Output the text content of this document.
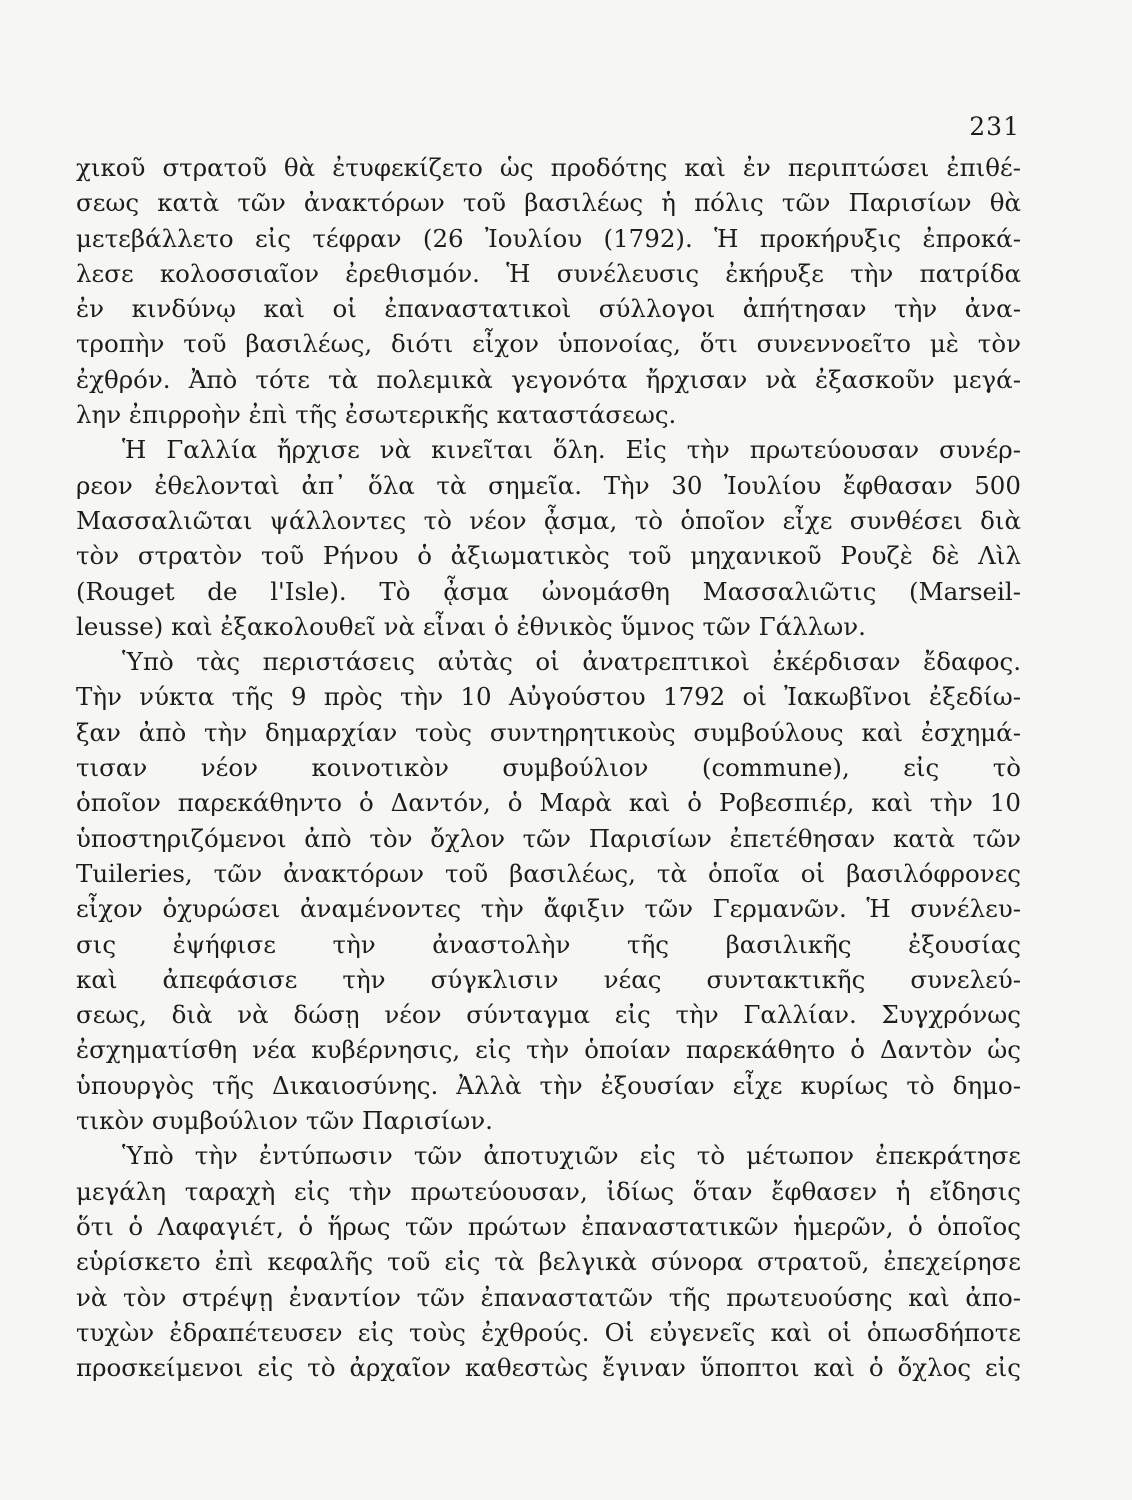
231
χικοῦ στρατοῦ θὰ ἐτυφεκίζετο ὡς προδότης καὶ ἐν περιπτώσει ἐπιθέ-
σεως κατὰ τῶν ἀνακτόρων τοῦ βασιλέως ἡ πόλις τῶν Παρισίων θὰ
μετεβάλλετο εἰς τέφραν (26 Ἰουλίου (1792). Ἡ προκήρυξις ἐπροκά-
λεσε κολοσσιαῖον ἐρεθισμόν. Ἡ συνέλευσις ἐκήρυξε τὴν πατρίδα
ἐν κινδύνῳ καὶ οἱ ἐπαναστατικοὶ σύλλογοι ἀπήτησαν τὴν ἀνα-
τροπὴν τοῦ βασιλέως, διότι εἶχον ὑπονοίας, ὅτι συνεννοεῖτο μὲ τὸν
ἐχθρόν. Ἀπὸ τότε τὰ πολεμικὰ γεγονότα ἤρχισαν νὰ ἐξασκοῦν μεγά-
λην ἐπιρροὴν ἐπὶ τῆς ἐσωτερικῆς καταστάσεως.
Ἡ Γαλλία ἤρχισε νὰ κινεῖται ὅλη. Εἰς τὴν πρωτεύουσαν συνέρ-
ρεον ἐθελονταὶ ἀπ᾿ ὅλα τὰ σημεῖα. Τὴν 30 Ἰουλίου ἔφθασαν 500
Μασσαλιῶται ψάλλοντες τὸ νέον ᾆσμα, τὸ ὁποῖον εἶχε συνθέσει διὰ
τὸν στρατὸν τοῦ Ρήνου ὁ ἀξιωματικὸς τοῦ μηχανικοῦ Ρουζὲ δὲ Λὶλ
(Rouget de l'Isle). Τὸ ᾆσμα ὠνομάσθη Μασσαλιῶτις (Marseil-
leusse) καὶ ἐξακολουθεῖ νὰ εἶναι ὁ ἐθνικὸς ὕμνος τῶν Γάλλων.
Ὑπὸ τὰς περιστάσεις αὐτὰς οἱ ἀνατρεπτικοὶ ἐκέρδισαν ἔδαφος.
Τὴν νύκτα τῆς 9 πρὸς τὴν 10 Αὐγούστου 1792 οἱ Ἰακωβῖνοι ἐξεδίω-
ξαν ἀπὸ τὴν δημαρχίαν τοὺς συντηρητικοὺς συμβούλους καὶ ἐσχημά-
τισαν νέον κοινοτικὸν συμβούλιον (commune), εἰς τὸ
ὁποῖον παρεκάθηντο ὁ Δαντόν, ὁ Μαρὰ καὶ ὁ Ροβεσπιέρ, καὶ τὴν 10
ὑποστηριζόμενοι ἀπὸ τὸν ὄχλον τῶν Παρισίων ἐπετέθησαν κατὰ τῶν
Tuileries, τῶν ἀνακτόρων τοῦ βασιλέως, τὰ ὁποῖα οἱ βασιλόφρονες
εἶχον ὀχυρώσει ἀναμένοντες τὴν ἄφιξιν τῶν Γερμανῶν. Ἡ συνέλευ-
σις ἐψήφισε τὴν ἀναστολὴν τῆς βασιλικῆς ἐξουσίας
καὶ ἀπεφάσισε τὴν σύγκλισιν νέας συντακτικῆς συνελεύ-
σεως, διὰ νὰ δώσῃ νέον σύνταγμα εἰς τὴν Γαλλίαν. Συγχρόνως
ἐσχηματίσθη νέα κυβέρνησις, εἰς τὴν ὁποίαν παρεκάθητο ὁ Δαντὸν ὡς
ὑπουργὸς τῆς Δικαιοσύνης. Ἀλλὰ τὴν ἐξουσίαν εἶχε κυρίως τὸ δημο-
τικὸν συμβούλιον τῶν Παρισίων.
Ὑπὸ τὴν ἐντύπωσιν τῶν ἀποτυχιῶν εἰς τὸ μέτωπον ἐπεκράτησε
μεγάλη ταραχὴ εἰς τὴν πρωτεύουσαν, ἰδίως ὅταν ἔφθασεν ἡ εἴδησις
ὅτι ὁ Λαφαγιέτ, ὁ ἥρως τῶν πρώτων ἐπαναστατικῶν ἡμερῶν, ὁ ὁποῖος
εὑρίσκετο ἐπὶ κεφαλῆς τοῦ εἰς τὰ βελγικὰ σύνορα στρατοῦ, ἐπεχείρησε
νὰ τὸν στρέψῃ ἐναντίον τῶν ἐπαναστατῶν τῆς πρωτευούσης καὶ ἀπο-
τυχὼν ἐδραπέτευσεν εἰς τοὺς ἐχθρούς. Οἱ εὐγενεῖς καὶ οἱ ὁπωσδήποτε
προσκείμενοι εἰς τὸ ἀρχαῖον καθεστὼς ἔγιναν ὕποπτοι καὶ ὁ ὄχλος εἰς
